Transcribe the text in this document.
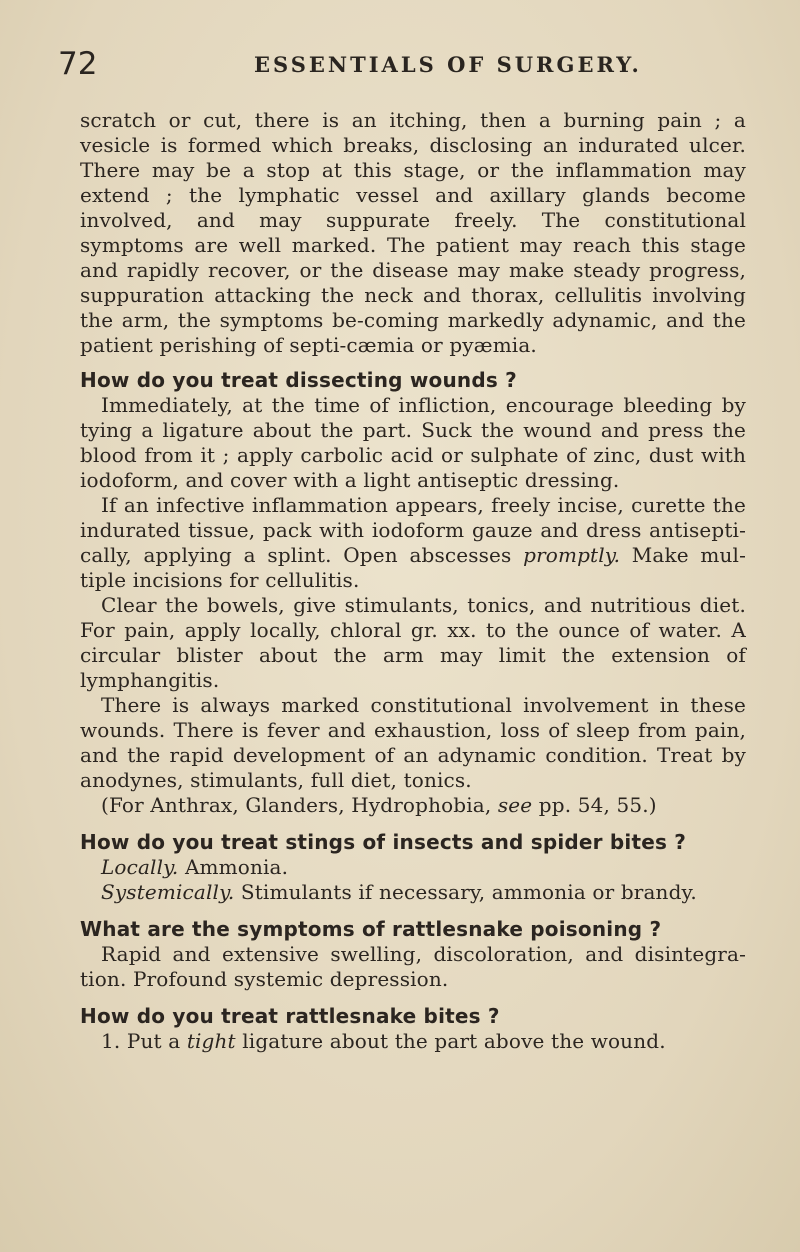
72	ESSENTIALS OF SURGERY.

scratch or cut, there is an itching, then a burning pain ; a vesicle is formed which breaks, disclosing an indurated ulcer. There may be a stop at this stage, or the inflammation may extend ; the lymphatic vessel and axillary glands become involved, and may suppurate freely. The constitutional symptoms are well marked. The patient may reach this stage and rapidly recover, or the disease may make steady progress, suppuration attacking the neck and thorax, cellulitis involving the arm, the symptoms be-coming markedly adynamic, and the patient perishing of septi-cæmia or pyæmia.

How do you treat dissecting wounds ?

Immediately, at the time of infliction, encourage bleeding by tying a ligature about the part. Suck the wound and press the blood from it ; apply carbolic acid or sulphate of zinc, dust with iodoform, and cover with a light antiseptic dressing.

If an infective inflammation appears, freely incise, curette the indurated tissue, pack with iodoform gauze and dress antisepti-cally, applying a splint. Open abscesses promptly. Make mul-tiple incisions for cellulitis.

Clear the bowels, give stimulants, tonics, and nutritious diet. For pain, apply locally, chloral gr. xx. to the ounce of water. A circular blister about the arm may limit the extension of lymphangitis.

There is always marked constitutional involvement in these wounds. There is fever and exhaustion, loss of sleep from pain, and the rapid development of an adynamic condition. Treat by anodynes, stimulants, full diet, tonics.

(For Anthrax, Glanders, Hydrophobia, see pp. 54, 55.)

How do you treat stings of insects and spider bites ?

Locally. Ammonia.

Systemically. Stimulants if necessary, ammonia or brandy.

What are the symptoms of rattlesnake poisoning ?

Rapid and extensive swelling, discoloration, and disintegra-tion. Profound systemic depression.

How do you treat rattlesnake bites ?

1. Put a tight ligature about the part above the wound.
